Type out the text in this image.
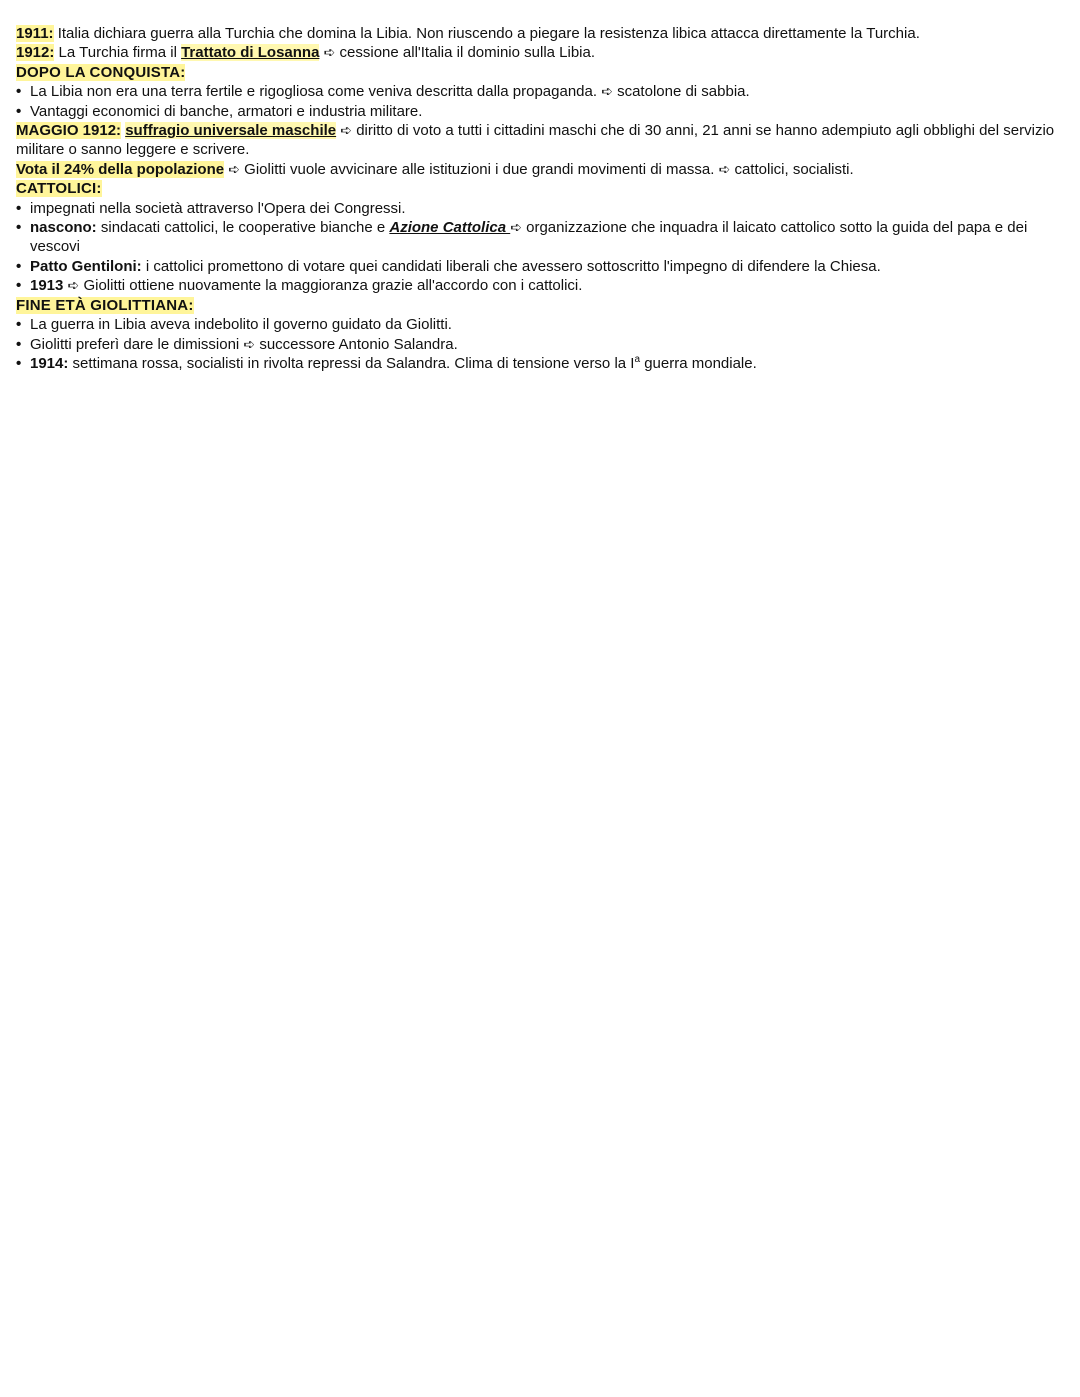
1911: Italia dichiara guerra alla Turchia che domina la Libia. Non riuscendo a piegare la resistenza libica attacca direttamente la Turchia.
1912: La Turchia firma il Trattato di Losanna ➪ cessione all'Italia il dominio sulla Libia.
DOPO LA CONQUISTA:
• La Libia non era una terra fertile e rigogliosa come veniva descritta dalla propaganda. ➪ scatolone di sabbia.
• Vantaggi economici di banche, armatori e industria militare.
MAGGIO 1912: suffragio universale maschile ➪ diritto di voto a tutti i cittadini maschi che di 30 anni, 21 anni se hanno adempiuto agli obblighi del servizio militare o sanno leggere e scrivere.
Vota il 24% della popolazione ➪ Giolitti vuole avvicinare alle istituzioni i due grandi movimenti di massa. ➪ cattolici, socialisti.
CATTOLICI:
• impegnati nella società attraverso l'Opera dei Congressi.
• nascono: sindacati cattolici, le cooperative bianche e Azione Cattolica ➪ organizzazione che inquadra il laicato cattolico sotto la guida del papa e dei vescovi
• Patto Gentiloni: i cattolici promettono di votare quei candidati liberali che avessero sottoscritto l'impegno di difendere la Chiesa.
• 1913 ➪ Giolitti ottiene nuovamente la maggioranza grazie all'accordo con i cattolici.
FINE ETÀ GIOLITTIANA:
• La guerra in Libia aveva indebolito il governo guidato da Giolitti.
• Giolitti preferì dare le dimissioni ➪ successore Antonio Salandra.
• 1914: settimana rossa, socialisti in rivolta repressi da Salandra. Clima di tensione verso la $I^a$ guerra mondiale.
